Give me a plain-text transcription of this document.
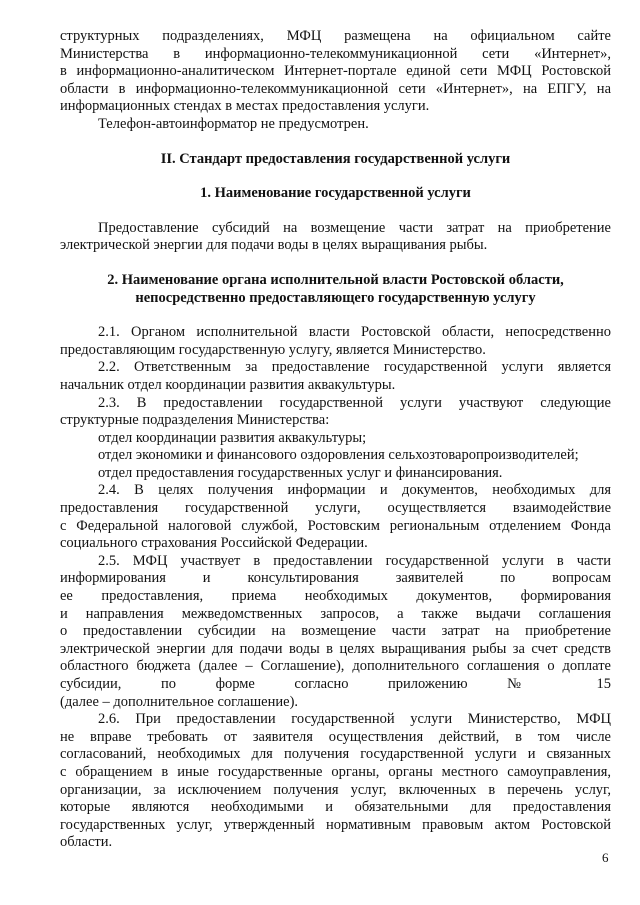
структурных подразделениях, МФЦ размещена на официальном сайте
Министерства в информационно-телекоммуникационной сети «Интернет»,
в информационно-аналитическом Интернет-портале единой сети МФЦ Ростовской
области в информационно-телекоммуникационной сети «Интернет», на ЕПГУ, на
информационных стендах в местах предоставления услуги.
Телефон-автоинформатор не предусмотрен.

II. Стандарт предоставления государственной услуги

1. Наименование государственной услуги

Предоставление субсидий на возмещение части затрат на приобретение
электрической энергии для подачи воды в целях выращивания рыбы.

2. Наименование органа исполнительной власти Ростовской области,

непосредственно предоставляющего государственную услугу

2.1. Органом исполнительной власти Ростовской области, непосредственно
предоставляющим государственную услугу, является Министерство.
2.2. Ответственным за предоставление государственной услуги является
начальник отдел координации развития аквакультуры.
2.3. В предоставлении государственной услуги участвуют следующие
структурные подразделения Министерства:
отдел координации развития аквакультуры;
отдел экономики и финансового оздоровления сельхозтоваропроизводителей;
отдел предоставления государственных услуг и финансирования.
2.4. В целях получения информации и документов, необходимых для
предоставления государственной услуги, осуществляется взаимодействие
с Федеральной налоговой службой, Ростовским региональным отделением Фонда
социального страхования Российской Федерации.
2.5. МФЦ участвует в предоставлении государственной услуги в части
информирования и консультирования заявителей по вопросам
ее предоставления, приема необходимых документов, формирования
и направления межведомственных запросов, а также выдачи соглашения
о предоставлении субсидии на возмещение части затрат на приобретение
электрической энергии для подачи воды в целях выращивания рыбы за счет средств
областного бюджета (далее – Соглашение), дополнительного соглашения о доплате
субсидии, по форме согласно приложению № 15
(далее – дополнительное соглашение).
2.6. При предоставлении государственной услуги Министерство, МФЦ
не вправе требовать от заявителя осуществления действий, в том числе
согласований, необходимых для получения государственной услуги и связанных
с обращением в иные государственные органы, органы местного самоуправления,
организации, за исключением получения услуг, включенных в перечень услуг,
которые являются необходимыми и обязательными для предоставления
государственных услуг, утвержденный нормативным правовым актом Ростовской
области.
6
